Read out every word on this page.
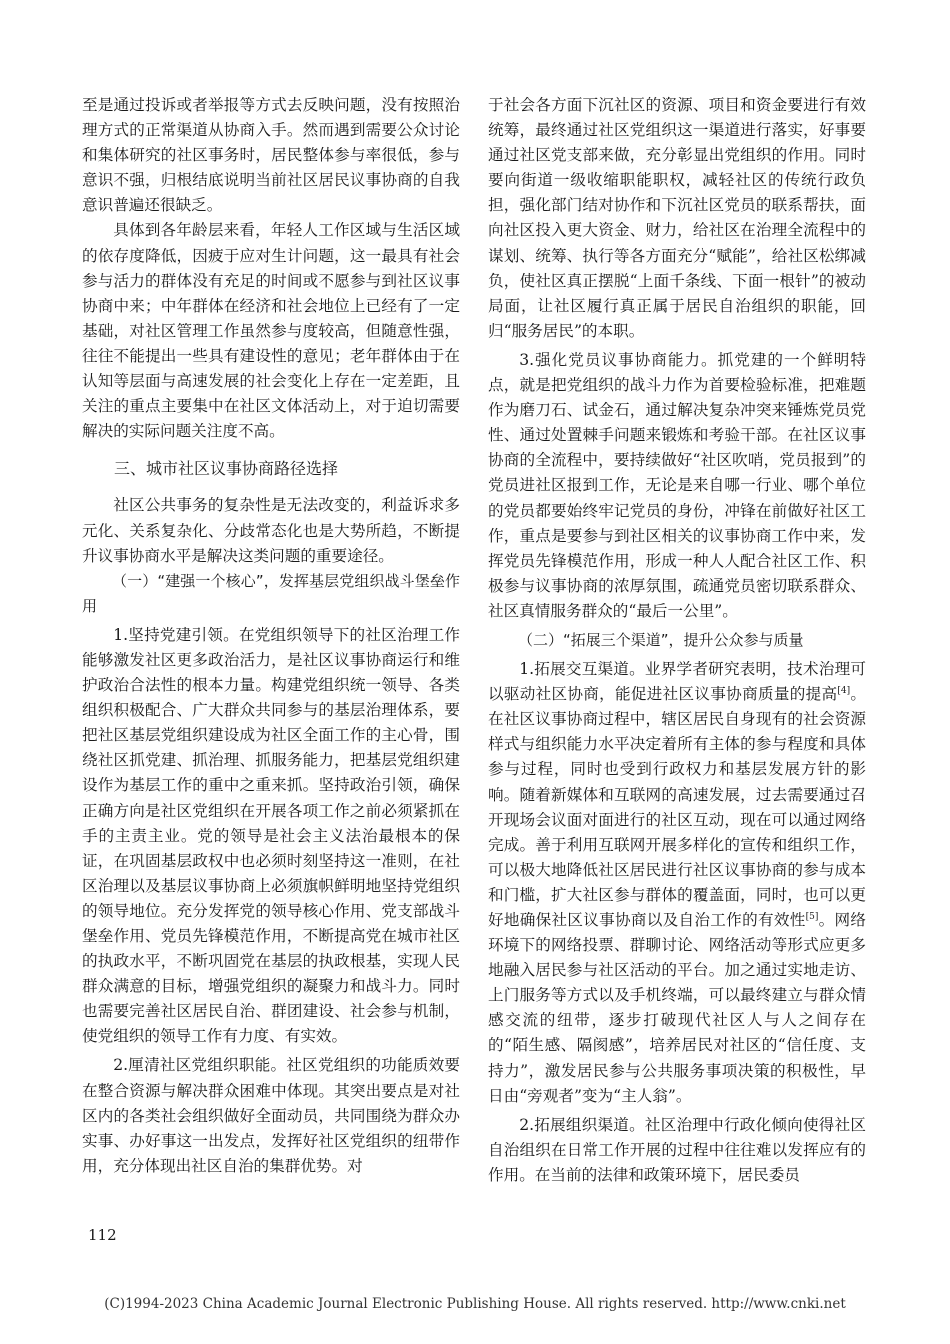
至是通过投诉或者举报等方式去反映问题，没有按照治理方式的正常渠道从协商入手。然而遇到需要公众讨论和集体研究的社区事务时，居民整体参与率很低，参与意识不强，归根结底说明当前社区居民议事协商的自我意识普遍还很缺乏。

具体到各年龄层来看，年轻人工作区域与生活区域的依存度降低，因疲于应对生计问题，这一最具有社会参与活力的群体没有充足的时间或不愿参与到社区议事协商中来；中年群体在经济和社会地位上已经有了一定基础，对社区管理工作虽然参与度较高，但随意性强，往往不能提出一些具有建设性的意见；老年群体由于在认知等层面与高速发展的社会变化上存在一定差距，且关注的重点主要集中在社区文体活动上，对于迫切需要解决的实际问题关注度不高。

三、城市社区议事协商路径选择

社区公共事务的复杂性是无法改变的，利益诉求多元化、关系复杂化、分歧常态化也是大势所趋，不断提升议事协商水平是解决这类问题的重要途径。

（一）“建强一个核心”，发挥基层党组织战斗堡垒作用

1.坚持党建引领。在党组织领导下的社区治理工作能够激发社区更多政治活力，是社区议事协商运行和维护政治合法性的根本力量。构建党组织统一领导、各类组织积极配合、广大群众共同参与的基层治理体系，要把社区基层党组织建设成为社区全面工作的主心骨，围绕社区抓党建、抓治理、抓服务能力，把基层党组织建设作为基层工作的重中之重来抓。坚持政治引领，确保正确方向是社区党组织在开展各项工作之前必须紧抓在手的主责主业。党的领导是社会主义法治最根本的保证，在巩固基层政权中也必须时刻坚持这一准则，在社区治理以及基层议事协商上必须旗帜鲜明地坚持党组织的领导地位。充分发挥党的领导核心作用、党支部战斗堡垒作用、党员先锋模范作用，不断提高党在城市社区的执政水平，不断巩固党在基层的执政根基，实现人民群众满意的目标，增强党组织的凝聚力和战斗力。同时也需要完善社区居民自治、群团建设、社会参与机制，使党组织的领导工作有力度、有实效。

2.厘清社区党组织职能。社区党组织的功能质效要在整合资源与解决群众困难中体现。其突出要点是对社区内的各类社会组织做好全面动员，共同围绕为群众办实事、办好事这一出发点，发挥好社区党组织的纽带作用，充分体现出社区自治的集群优势。对

于社会各方面下沉社区的资源、项目和资金要进行有效统筹，最终通过社区党组织这一渠道进行落实，好事要通过社区党支部来做，充分彰显出党组织的作用。同时要向街道一级收缩职能职权，减轻社区的传统行政负担，强化部门结对协作和下沉社区党员的联系帮扶，面向社区投入更大资金、财力，给社区在治理全流程中的谋划、统筹、执行等各方面充分“赋能”，给社区松绑减负，使社区真正摆脱“上面千条线、下面一根针”的被动局面，让社区履行真正属于居民自治组织的职能，回归“服务居民”的本职。

3.强化党员议事协商能力。抓党建的一个鲜明特点，就是把党组织的战斗力作为首要检验标准，把难题作为磨刀石、试金石，通过解决复杂冲突来锤炼党员党性、通过处置棘手问题来锻炼和考验干部。在社区议事协商的全流程中，要持续做好“社区吹哨，党员报到”的党员进社区报到工作，无论是来自哪一行业、哪个单位的党员都要始终牢记党员的身份，冲锋在前做好社区工作，重点是要参与到社区相关的议事协商工作中来，发挥党员先锋模范作用，形成一种人人配合社区工作、积极参与议事协商的浓厚氛围，疏通党员密切联系群众、社区真情服务群众的“最后一公里”。

（二）“拓展三个渠道”，提升公众参与质量

1.拓展交互渠道。业界学者研究表明，技术治理可以驱动社区协商，能促进社区议事协商质量的提高[4]。在社区议事协商过程中，辖区居民自身现有的社会资源样式与组织能力水平决定着所有主体的参与程度和具体参与过程，同时也受到行政权力和基层发展方针的影响。随着新媒体和互联网的高速发展，过去需要通过召开现场会议面对面进行的社区互动，现在可以通过网络完成。善于利用互联网开展多样化的宣传和组织工作，可以极大地降低社区居民进行社区议事协商的参与成本和门槛，扩大社区参与群体的覆盖面，同时，也可以更好地确保社区议事协商以及自治工作的有效性[5]。网络环境下的网络投票、群聊讨论、网络活动等形式应更多地融入居民参与社区活动的平台。加之通过实地走访、上门服务等方式以及手机终端，可以最终建立与群众情感交流的纽带，逐步打破现代社区人与人之间存在的“陌生感、隔阂感”，培养居民对社区的“信任度、支持力”，激发居民参与公共服务事项决策的积极性，早日由“旁观者”变为“主人翁”。

2.拓展组织渠道。社区治理中行政化倾向使得社区自治组织在日常工作开展的过程中往往难以发挥应有的作用。在当前的法律和政策环境下，居民委员

112
(C)1994-2023 China Academic Journal Electronic Publishing House. All rights reserved. http://www.cnki.net
